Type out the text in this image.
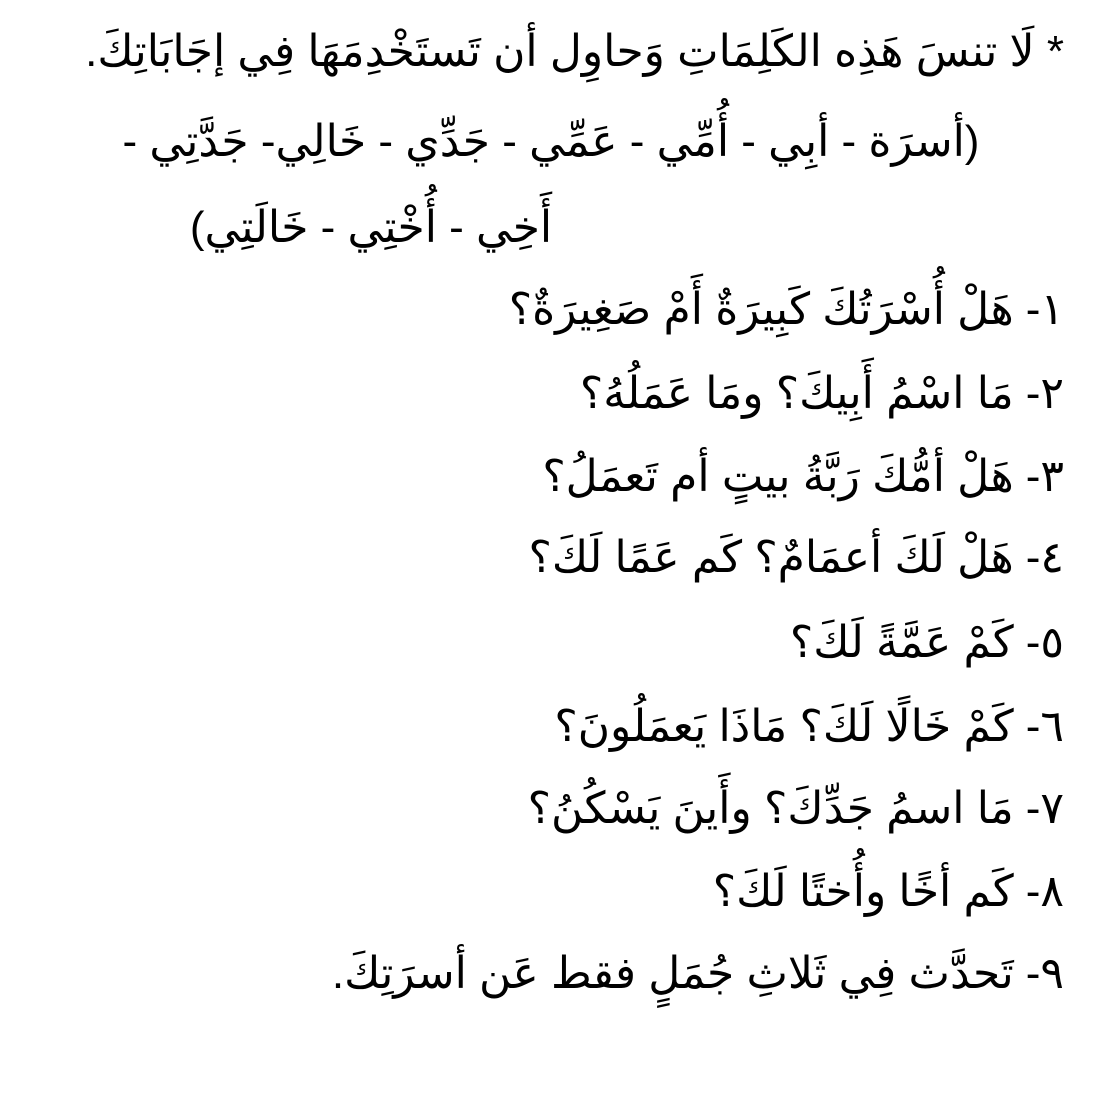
* لَا تنسَ هَذِه الكَلِمَاتِ وَحاوِل أن تَستَخْدِمَهَا فِي إجَابَاتِكَ.

(أسرَة - أبِي - أُمِّي - عَمِّي - جَدِّي - خَالِي- جَدَّتِي -

أَخِي - أُخْتِي - خَالَتِي)

١-
هَلْ أُسْرَتُكَ كَبِيرَةٌ أَمْ صَغِيرَةٌ؟
٢-
مَا اسْمُ أَبِيكَ؟ ومَا عَمَلُهُ؟
٣-
هَلْ أمُّكَ رَبَّةُ بيتٍ أم تَعمَلُ؟
٤-
هَلْ لَكَ أعمَامٌ؟ كَم عَمًا لَكَ؟
٥-
كَمْ عَمَّةً لَكَ؟
٦-
كَمْ خَالًا لَكَ؟ مَاذَا يَعمَلُونَ؟
٧-
مَا اسمُ جَدِّكَ؟ وأَينَ يَسْكُنُ؟
٨-
كَم أخًا وأُختًا لَكَ؟
٩-
تَحدَّث فِي ثَلاثِ جُمَلٍ فقط عَن أسرَتِكَ.
